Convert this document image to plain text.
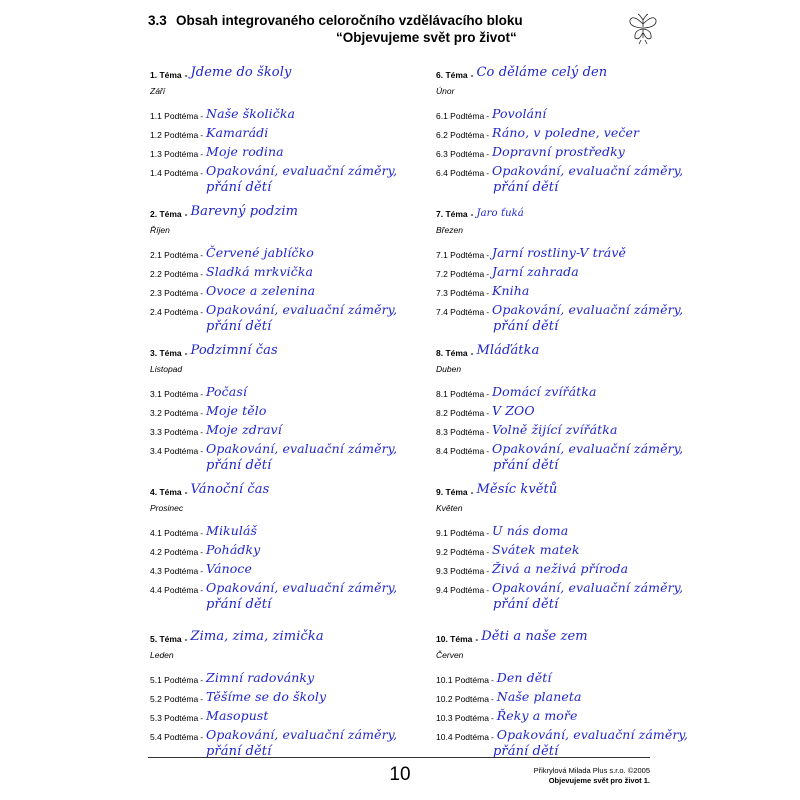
3.3 Obsah integrovaného celoročního vzdělávacího bloku
“Objevujeme svět pro život“
1. Téma - Jdeme do školy
Září
1.1 Podtéma - Naše školička
1.2 Podtéma - Kamarádi
1.3 Podtéma - Moje rodina
1.4 Podtéma - Opakování, evaluační záměry,
přání dětí
2. Téma - Barevný podzim
Říjen
2.1 Podtéma - Červené jablíčko
2.2 Podtéma - Sladká mrkvička
2.3 Podtéma - Ovoce a zelenina
2.4 Podtéma - Opakování, evaluační záměry,
přání dětí
3. Téma - Podzimní čas
Listopad
3.1 Podtéma - Počasí
3.2 Podtéma - Moje tělo
3.3 Podtéma - Moje zdraví
3.4 Podtéma - Opakování, evaluační záměry,
přání dětí
4. Téma - Vánoční čas
Prosinec
4.1 Podtéma - Mikuláš
4.2 Podtéma - Pohádky
4.3 Podtéma - Vánoce
4.4 Podtéma - Opakování, evaluační záměry,
přání dětí
5. Téma - Zima, zima, zimička
Leden
5.1 Podtéma - Zimní radovánky
5.2 Podtéma - Těšíme se do školy
5.3 Podtéma - Masopust
5.4 Podtéma - Opakování, evaluační záměry,
přání dětí
6. Téma - Co děláme celý den
Únor
6.1 Podtéma - Povolání
6.2 Podtéma - Ráno, v poledne, večer
6.3 Podtéma - Dopravní prostředky
6.4 Podtéma - Opakování, evaluační záměry,
přání dětí
7. Téma - Jaro ťuká
Březen
7.1 Podtéma - Jarní rostliny-V trávě
7.2 Podtéma - Jarní zahrada
7.3 Podtéma - Kniha
7.4 Podtéma - Opakování, evaluační záměry,
přání dětí
8. Téma - Mláďátka
Duben
8.1 Podtéma - Domácí zvířátka
8.2 Podtéma - V ZOO
8.3 Podtéma - Volně žijící zvířátka
8.4 Podtéma - Opakování, evaluační záměry,
přání dětí
9. Téma - Měsíc květů
Květen
9.1 Podtéma - U nás doma
9.2 Podtéma - Svátek matek
9.3 Podtéma - Živá a neživá příroda
9.4 Podtéma - Opakování, evaluační záměry,
přání dětí
10. Téma - Děti a naše zem
Červen
10.1 Podtéma - Den dětí
10.2 Podtéma - Naše planeta
10.3 Podtéma - Řeky a moře
10.4 Podtéma - Opakování, evaluační záměry,
přání dětí
10	Přikrylová Milada Plus s.r.o. ©2005
Objevujeme svět pro život 1.
